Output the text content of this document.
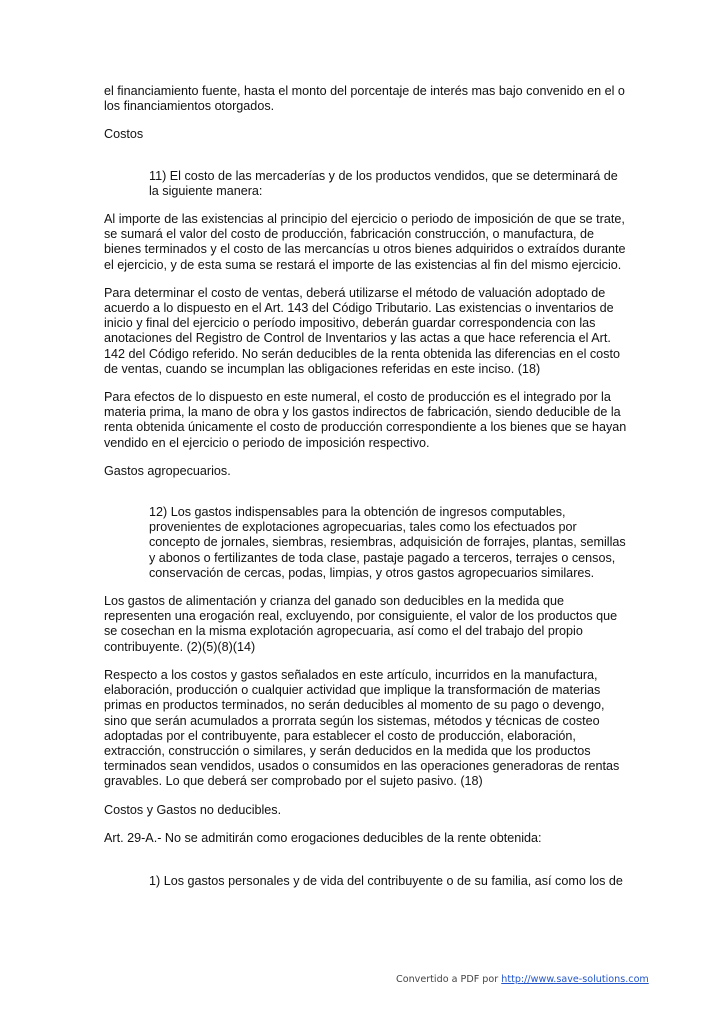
el financiamiento fuente, hasta el monto del porcentaje de interés mas bajo convenido en el o los financiamientos otorgados.

Costos

11) El costo de las mercaderías y de los productos vendidos, que se determinará de la siguiente manera:

Al importe de las existencias al principio del ejercicio o periodo de imposición de que se trate, se sumará el valor del costo de producción, fabricación construcción, o manufactura, de bienes terminados y el costo de las mercancías u otros bienes adquiridos o extraídos durante el ejercicio, y de esta suma se restará el importe de las existencias al fin del mismo ejercicio.

Para determinar el costo de ventas, deberá utilizarse el método de valuación adoptado de acuerdo a lo dispuesto en el Art. 143 del Código Tributario. Las existencias o inventarios de inicio y final del ejercicio o período impositivo, deberán guardar correspondencia con las anotaciones del Registro de Control de Inventarios y las actas a que hace referencia el Art. 142 del Código referido. No serán deducibles de la renta obtenida las diferencias en el costo de ventas, cuando se incumplan las obligaciones referidas en este inciso. (18)

Para efectos de lo dispuesto en este numeral, el costo de producción es el integrado por la materia prima, la mano de obra y los gastos indirectos de fabricación, siendo deducible de la renta obtenida únicamente el costo de producción correspondiente a los bienes que se hayan vendido en el ejercicio o periodo de imposición respectivo.

Gastos agropecuarios.

12) Los gastos indispensables para la obtención de ingresos computables, provenientes de explotaciones agropecuarias, tales como los efectuados por concepto de jornales, siembras, resiembras, adquisición de forrajes, plantas, semillas y abonos o fertilizantes de toda clase, pastaje pagado a terceros, terrajes o censos, conservación de cercas, podas, limpias, y otros gastos agropecuarios similares.

Los gastos de alimentación y crianza del ganado son deducibles en la medida que representen una erogación real, excluyendo, por consiguiente, el valor de los productos que se cosechan en la misma explotación agropecuaria, así como el del trabajo del propio contribuyente. (2)(5)(8)(14)

Respecto a los costos y gastos señalados en este artículo, incurridos en la manufactura, elaboración, producción o cualquier actividad que implique la transformación de materias primas en productos terminados, no serán deducibles al momento de su pago o devengo, sino que serán acumulados a prorrata según los sistemas, métodos y técnicas de costeo adoptadas por el contribuyente, para establecer el costo de producción, elaboración, extracción, construcción o similares, y serán deducidos en la medida que los productos terminados sean vendidos, usados o consumidos en las operaciones generadoras de rentas gravables. Lo que deberá ser comprobado por el sujeto pasivo. (18)

Costos y Gastos no deducibles.

Art. 29-A.- No se admitirán como erogaciones deducibles de la rente obtenida:

1) Los gastos personales y de vida del contribuyente o de su familia, así como los de

Convertido a PDF por http://www.save-solutions.com
